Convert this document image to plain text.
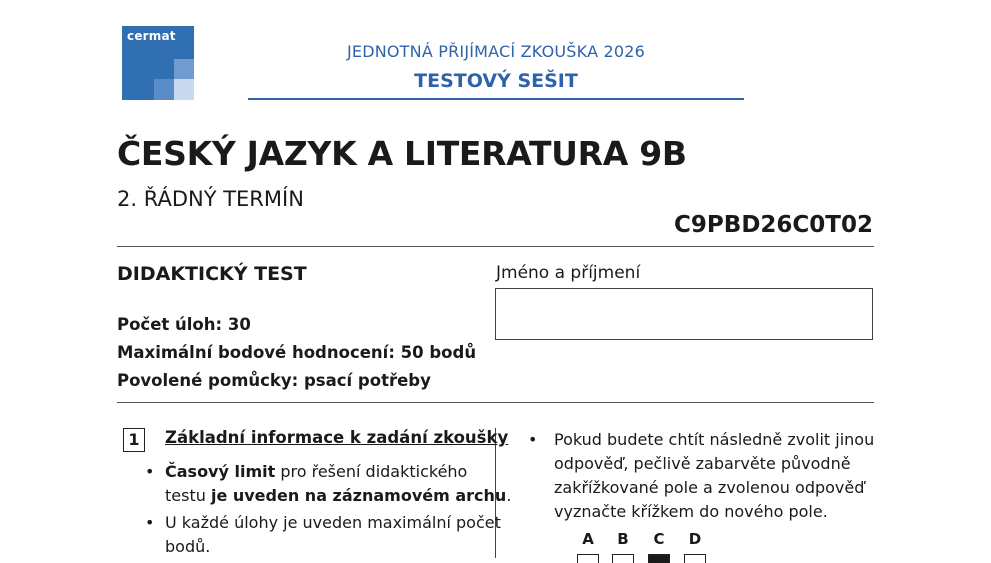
cermat
JEDNOTNÁ PŘIJÍMACÍ ZKOUŠKA 2026
TESTOVÝ SEŠIT
ČESKÝ JAZYK A LITERATURA 9B
2. ŘÁDNÝ TERMÍN
C9PBD26C0T02
DIDAKTICKÝ TEST	Jméno a příjmení
Počet úloh: 30
Maximální bodové hodnocení: 50 bodů
Povolené pomůcky: psací potřeby
1	Základní informace k zadání zkoušky
• Časový limit pro řešení didaktického
testu je uveden na záznamovém archu.
• U každé úlohy je uveden maximální počet
bodů.
• Pokud budete chtít následně zvolit jinou
odpověď, pečlivě zabarvěte původně
zakřížkované pole a zvolenou odpověď
vyznačte křížkem do nového pole.
A B C D
